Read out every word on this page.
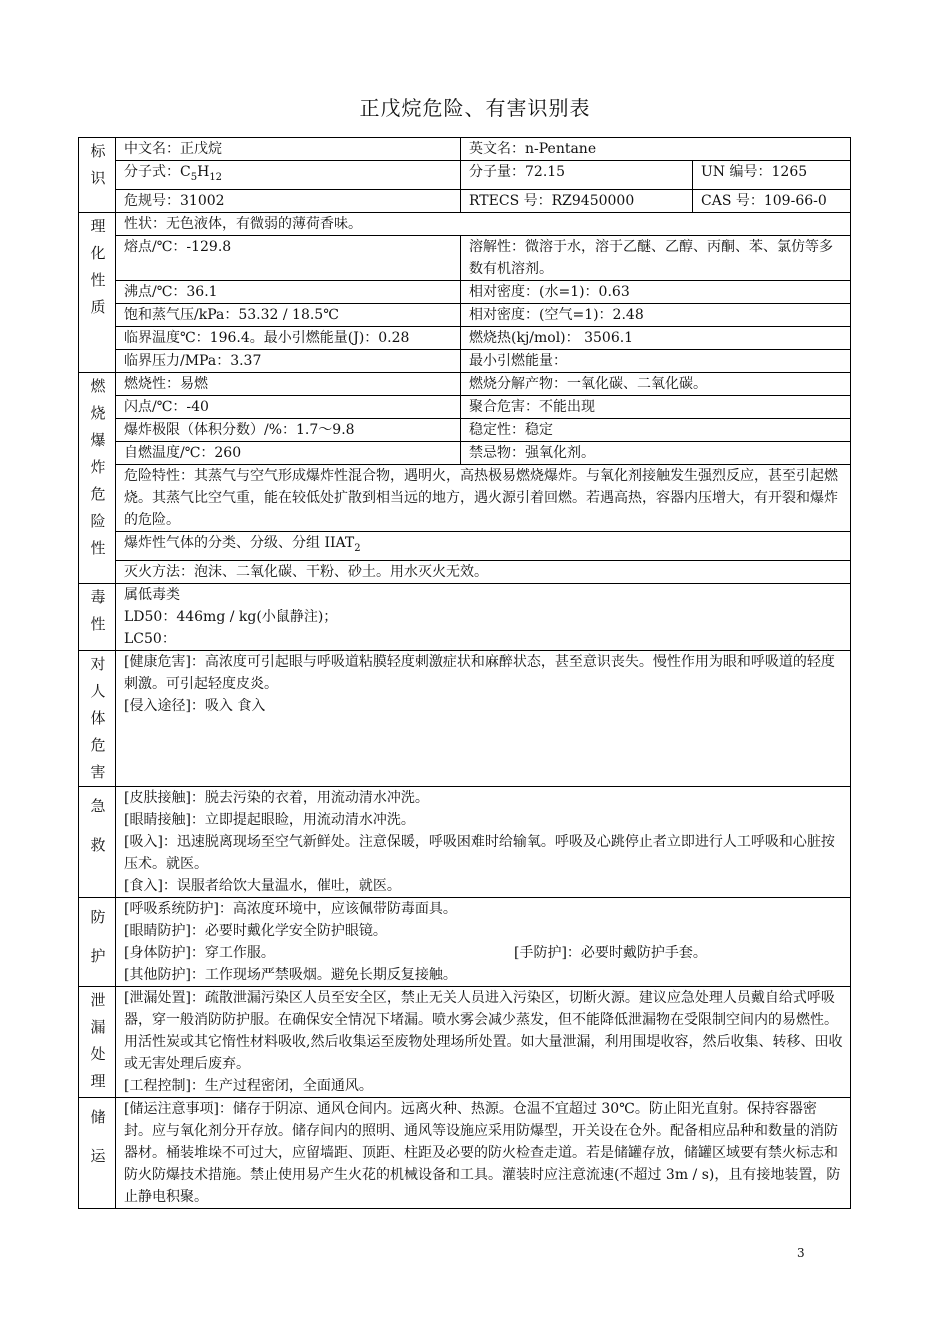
正戊烷危险、有害识别表
标识	中文名：正戊烷	英文名：n-Pentane	
	分子式：$C_5H_{12}$	分子量：72.15	UN 编号：1265
	危规号：31002	RTECS 号：RZ9450000	CAS 号：109-66-0
理化性质	性状：无色液体，有微弱的薄荷香味。		
	熔点/℃：-129.8	溶解性：微溶于水，溶于乙醚、乙醇、丙酮、苯、氯仿等多数有机溶剂。	
	沸点/℃：36.1	相对密度：(水=1)：0.63	
	饱和蒸气压/kPa：53.32 / 18.5℃	相对密度：(空气=1)：2.48	
	临界温度℃：196.4。最小引燃能量(J)：0.28	燃烧热(kj/mol)： 3506.1	
	临界压力/MPa：3.37	最小引燃能量：	
燃烧爆炸危险性	燃烧性：易燃	燃烧分解产物：一氧化碳、二氧化碳。	
	闪点/℃：-40	聚合危害：不能出现	
	爆炸极限（体积分数）/%：1.7～9.8	稳定性：稳定	
	自燃温度/℃：260	禁忌物：强氧化剂。	
	危险特性：其蒸气与空气形成爆炸性混合物，遇明火，高热极易燃烧爆炸。与氧化剂接触发生强烈反应，甚至引起燃烧。其蒸气比空气重，能在较低处扩散到相当远的地方，遇火源引着回燃。若遇高热，容器内压增大，有开裂和爆炸的危险。		
	爆炸性气体的分类、分级、分组 $IIAT_2$
	灭火方法：泡沫、二氧化碳、干粉、砂土。用水灭火无效。		
毒性	属低毒类

LD50：446mg / kg(小鼠静注)；

LC50：		

对人体危害	[健康危害]：高浓度可引起眼与呼吸道粘膜轻度刺激症状和麻醉状态，甚至意识丧失。慢性作用为眼和呼吸道的轻度刺激。可引起轻度皮炎。

[侵入途径]：吸入 食入		

急救	[皮肤接触]：脱去污染的衣着，用流动清水冲洗。

[眼睛接触]：立即提起眼睑，用流动清水冲洗。

[吸入]：迅速脱离现场至空气新鲜处。注意保暖，呼吸困难时给输氧。呼吸及心跳停止者立即进行人工呼吸和心脏按压术。就医。

[食入]：误服者给饮大量温水，催吐，就医。		

防护	[呼吸系统防护]：高浓度环境中，应该佩带防毒面具。

[眼睛防护]：必要时戴化学安全防护眼镜。

[身体防护]：穿工作服。 [手防护]：必要时戴防护手套。

[其他防护]：工作现场严禁吸烟。避免长期反复接触。		

泄漏处理	[泄漏处置]：疏散泄漏污染区人员至安全区，禁止无关人员进入污染区，切断火源。建议应急处理人员戴自给式呼吸器，穿一般消防防护服。在确保安全情况下堵漏。喷水雾会减少蒸发，但不能降低泄漏物在受限制空间内的易燃性。用活性炭或其它惰性材料吸收,然后收集运至废物处理场所处置。如大量泄漏，利用围堤收容，然后收集、转移、田收或无害处理后废弃。

[工程控制]：生产过程密闭，全面通风。		

储运	[储运注意事项]：储存于阴凉、通风仓间内。远离火种、热源。仓温不宜超过 30℃。防止阳光直射。保持容器密封。应与氧化剂分开存放。储存间内的照明、通风等设施应采用防爆型，开关设在仓外。配备相应品种和数量的消防器材。桶装堆垛不可过大，应留墙距、顶距、柱距及必要的防火检查走道。若是储罐存放，储罐区域要有禁火标志和防火防爆技术措施。禁止使用易产生火花的机械设备和工具。灌装时应注意流速(不超过 3m / s)，且有接地装置，防止静电积聚。		
3
